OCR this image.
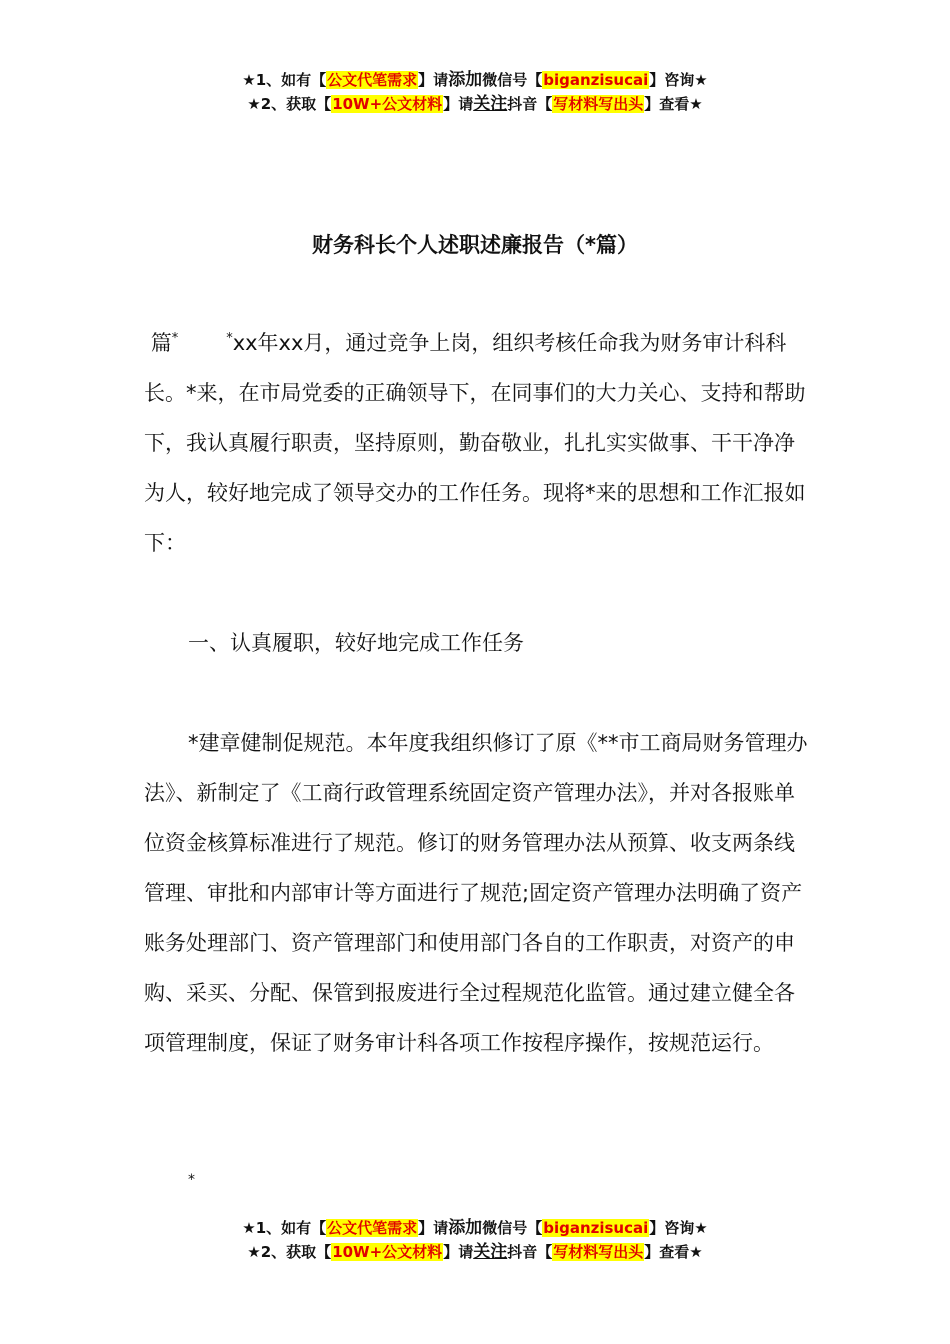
★1、如有【公文代笔需求】请添加微信号【biganzisucai】咨询★
★2、获取【10W+公文材料】请关注抖音【写材料写出头】查看★
财务科长个人述职述廉报告（*篇）

篇*	*xx年xx月，通过竞争上岗，组织考核任命我为财务审计科科长。*来，在市局党委的正确领导下，在同事们的大力关心、支持和帮助下，我认真履行职责，坚持原则，勤奋敬业，扎扎实实做事、干干净净为人，较好地完成了领导交办的工作任务。现将*来的思想和工作汇报如下：

一、认真履职，较好地完成工作任务

*建章健制促规范。本年度我组织修订了原《**市工商局财务管理办法》、新制定了《工商行政管理系统固定资产管理办法》，并对各报账单位资金核算标准进行了规范。修订的财务管理办法从预算、收支两条线管理、审批和内部审计等方面进行了规范;固定资产管理办法明确了资产账务处理部门、资产管理部门和使用部门各自的工作职责，对资产的申购、采买、分配、保管到报废进行全过程规范化监管。通过建立健全各项管理制度，保证了财务审计科各项工作按程序操作，按规范运行。

*
★1、如有【公文代笔需求】请添加微信号【biganzisucai】咨询★
★2、获取【10W+公文材料】请关注抖音【写材料写出头】查看★
